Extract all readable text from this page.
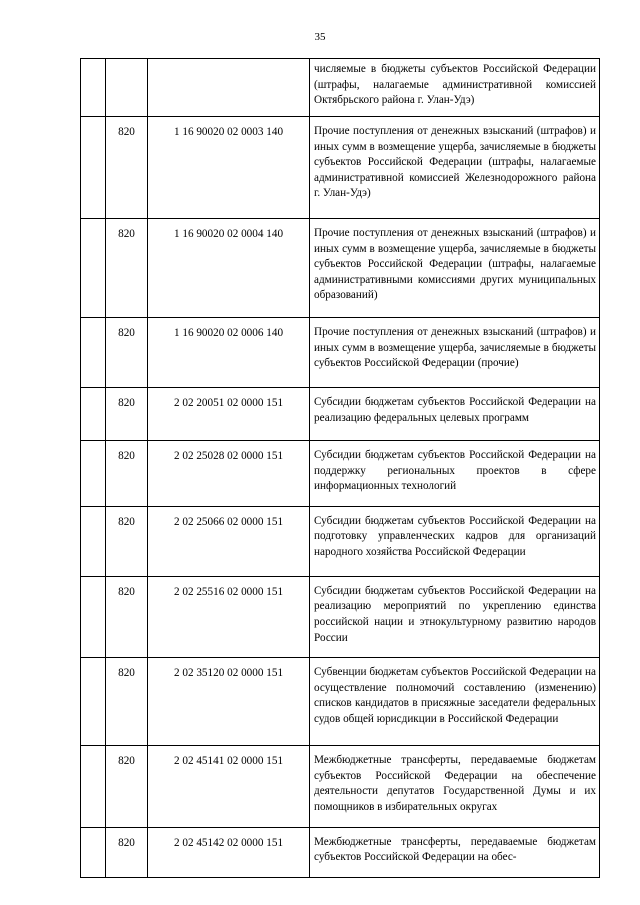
35
			числяемые в бюджеты субъектов Российской Федерации (штрафы, налагаемые административной комиссией Октябрьского района г. Улан-Удэ)
	820	1 16 90020 02 0003 140	Прочие поступления от денежных взысканий (штрафов) и иных сумм в возмещение ущерба, зачисляемые в бюджеты субъектов Российской Федерации (штрафы, налагаемые административной комиссией Железнодорожного района г. Улан-Удэ)
	820	1 16 90020 02 0004 140	Прочие поступления от денежных взысканий (штрафов) и иных сумм в возмещение ущерба, зачисляемые в бюджеты субъектов Российской Федерации (штрафы, налагаемые административными комиссиями других муниципальных образований)
	820	1 16 90020 02 0006 140	Прочие поступления от денежных взысканий (штрафов) и иных сумм в возмещение ущерба, зачисляемые в бюджеты субъектов Российской Федерации (прочие)
	820	2 02 20051 02 0000 151	Субсидии бюджетам субъектов Российской Федерации на реализацию федеральных целевых программ
	820	2 02 25028 02 0000 151	Субсидии бюджетам субъектов Российской Федерации на поддержку региональных проектов в сфере информационных технологий
	820	2 02 25066 02 0000 151	Субсидии бюджетам субъектов Российской Федерации на подготовку управленческих кадров для организаций народного хозяйства Российской Федерации
	820	2 02 25516 02 0000 151	Субсидии бюджетам субъектов Российской Федерации на реализацию мероприятий по укреплению единства российской нации и этнокультурному развитию народов России
	820	2 02 35120 02 0000 151	Субвенции бюджетам субъектов Российской Федерации на осуществление полномочий составлению (изменению) списков кандидатов в присяжные заседатели федеральных судов общей юрисдикции в Российской Федерации
	820	2 02 45141 02 0000 151	Межбюджетные трансферты, передаваемые бюджетам субъектов Российской Федерации на обеспечение деятельности депутатов Государственной Думы и их помощников в избирательных округах
	820	2 02 45142 02 0000 151	Межбюджетные трансферты, передаваемые бюджетам субъектов Российской Федерации на обес-
